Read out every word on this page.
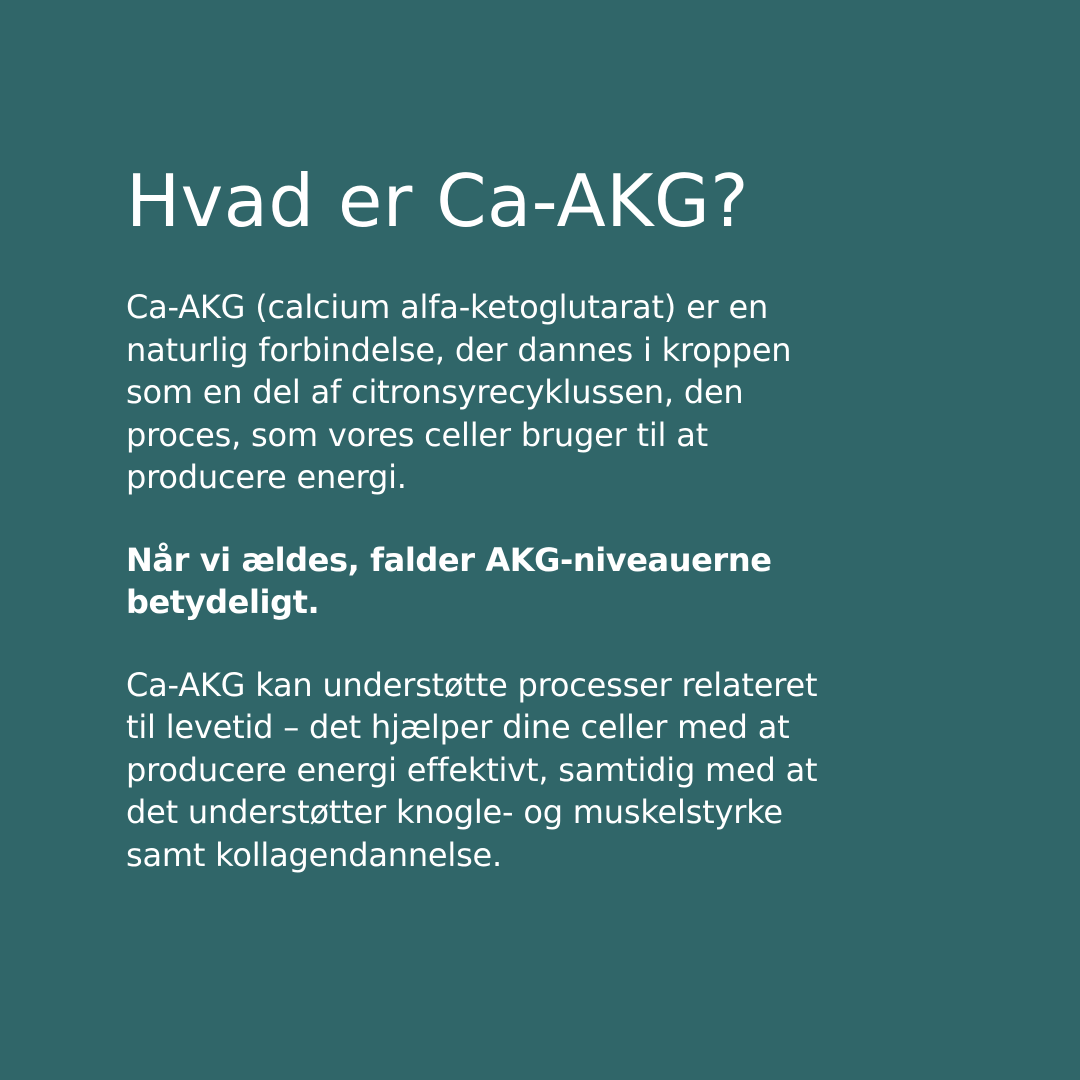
Hvad er Ca-AKG?

Ca-AKG (calcium alfa-ketoglutarat) er en
naturlig forbindelse, der dannes i kroppen
som en del af citronsyrecyklussen, den
proces, som vores celler bruger til at
producere energi.

Når vi ældes, falder AKG-niveauerne
betydeligt.

Ca-AKG kan understøtte processer relateret
til levetid – det hjælper dine celler med at
producere energi effektivt, samtidig med at
det understøtter knogle- og muskelstyrke
samt kollagendannelse.
